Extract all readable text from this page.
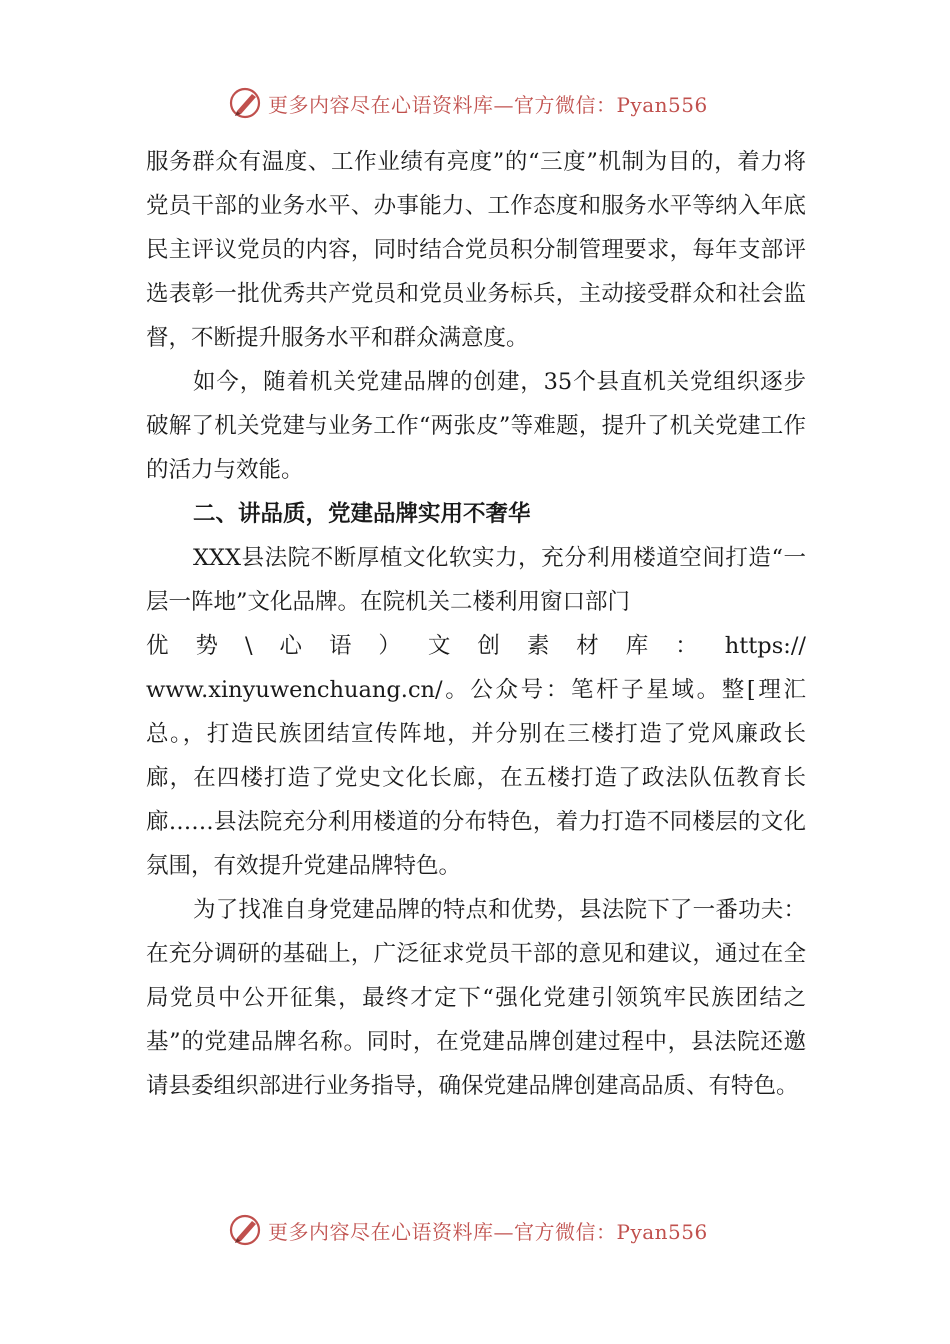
更多内容尽在心语资料库—官方微信：Pyan556

服务群众有温度、工作业绩有亮度”的“三度”机制为目的，着力将党员干部的业务水平、办事能力、工作态度和服务水平等纳入年底民主评议党员的内容，同时结合党员积分制管理要求，每年支部评选表彰一批优秀共产党员和党员业务标兵，主动接受群众和社会监督，不断提升服务水平和群众满意度。

如今，随着机关党建品牌的创建，35个县直机关党组织逐步破解了机关党建与业务工作“两张皮”等难题，提升了机关党建工作的活力与效能。

二、讲品质，党建品牌实用不奢华

XXX县法院不断厚植文化软实力，充分利用楼道空间打造“一层一阵地”文化品牌。在院机关二楼利用窗口部门

优势\心语）文创素材库：https://

www.xinyuwenchuang.cn/。公众号：笔杆子星域。整[理汇总。，打造民族团结宣传阵地，并分别在三楼打造了党风廉政长廊，在四楼打造了党史文化长廊，在五楼打造了政法队伍教育长廊……县法院充分利用楼道的分布特色，着力打造不同楼层的文化氛围，有效提升党建品牌特色。

为了找准自身党建品牌的特点和优势，县法院下了一番功夫：在充分调研的基础上，广泛征求党员干部的意见和建议，通过在全局党员中公开征集，最终才定下“强化党建引领筑牢民族团结之基”的党建品牌名称。同时，在党建品牌创建过程中，县法院还邀请县委组织部进行业务指导，确保党建品牌创建高品质、有特色。

更多内容尽在心语资料库—官方微信：Pyan556
